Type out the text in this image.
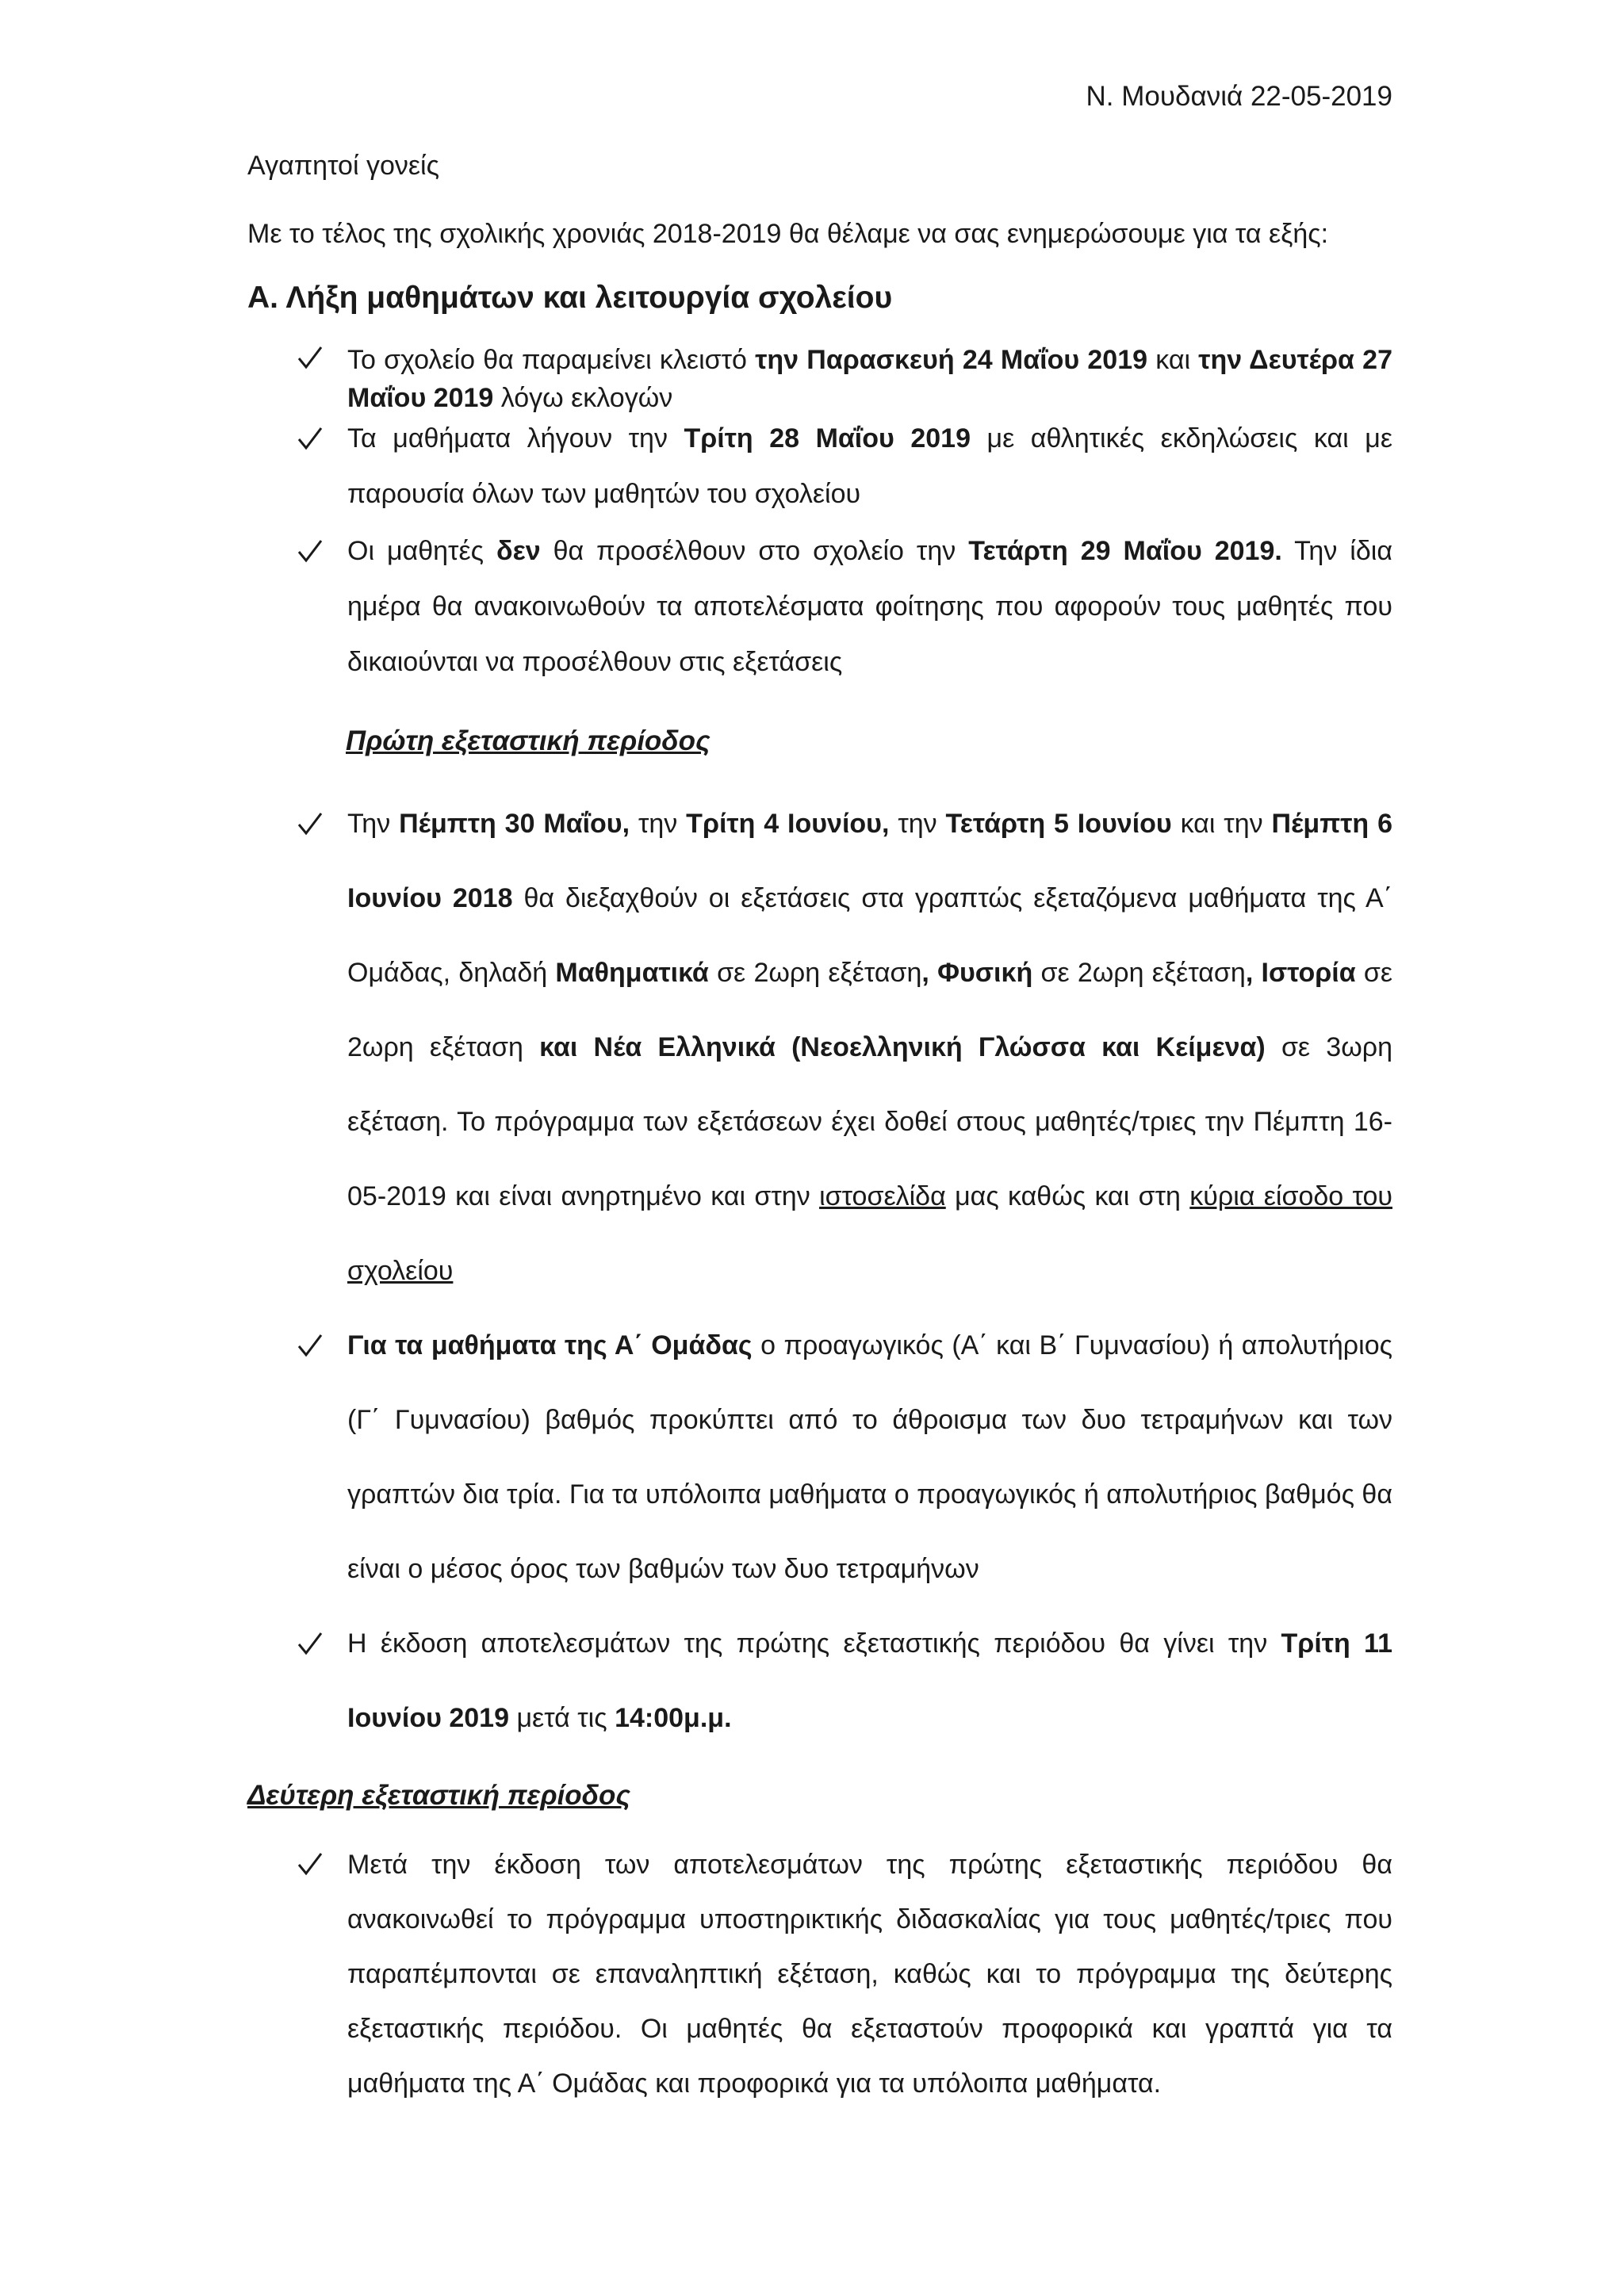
Ν. Μουδανιά 22-05-2019
Αγαπητοί γονείς
Με το τέλος της σχολικής χρονιάς 2018-2019 θα θέλαμε να σας ενημερώσουμε για τα εξής:
Α. Λήξη μαθημάτων και λειτουργία σχολείου
Το σχολείο θα παραμείνει κλειστό την Παρασκευή 24 Μαΐου 2019 και την Δευτέρα 27 Μαΐου 2019 λόγω εκλογών
Τα μαθήματα λήγουν την Τρίτη 28 Μαΐου 2019 με αθλητικές εκδηλώσεις και με παρουσία όλων των μαθητών του σχολείου
Οι μαθητές δεν θα προσέλθουν στο σχολείο την Τετάρτη 29 Μαΐου 2019. Την ίδια ημέρα θα ανακοινωθούν τα αποτελέσματα φοίτησης που αφορούν τους μαθητές που δικαιούνται να προσέλθουν στις εξετάσεις
Πρώτη εξεταστική περίοδος
Την Πέμπτη 30 Μαΐου, την Τρίτη 4 Ιουνίου, την Τετάρτη 5 Ιουνίου και την Πέμπτη 6 Ιουνίου 2018 θα διεξαχθούν οι εξετάσεις στα γραπτώς εξεταζόμενα μαθήματα της Α΄ Ομάδας, δηλαδή Μαθηματικά σε 2ωρη εξέταση, Φυσική σε 2ωρη εξέταση, Ιστορία σε 2ωρη εξέταση και Νέα Ελληνικά (Νεοελληνική Γλώσσα και Κείμενα) σε 3ωρη εξέταση. Το πρόγραμμα των εξετάσεων έχει δοθεί στους μαθητές/τριες την Πέμπτη 16-05-2019 και είναι ανηρτημένο και στην ιστοσελίδα μας καθώς και στη κύρια είσοδο του σχολείου
Για τα μαθήματα της Α΄ Ομάδας ο προαγωγικός (Α΄ και Β΄ Γυμνασίου) ή απολυτήριος (Γ΄ Γυμνασίου) βαθμός προκύπτει από το άθροισμα των δυο τετραμήνων και των γραπτών δια τρία. Για τα υπόλοιπα μαθήματα ο προαγωγικός ή απολυτήριος βαθμός θα είναι ο μέσος όρος των βαθμών των δυο τετραμήνων
Η έκδοση αποτελεσμάτων της πρώτης εξεταστικής περιόδου θα γίνει την Τρίτη 11 Ιουνίου 2019 μετά τις 14:00μ.μ.
Δεύτερη εξεταστική περίοδος
Μετά την έκδοση των αποτελεσμάτων της πρώτης εξεταστικής περιόδου θα ανακοινωθεί το πρόγραμμα υποστηρικτικής διδασκαλίας για τους μαθητές/τριες που παραπέμπονται σε επαναληπτική εξέταση, καθώς και το πρόγραμμα της δεύτερης εξεταστικής περιόδου. Οι μαθητές θα εξεταστούν προφορικά και γραπτά για τα μαθήματα της Α΄ Ομάδας και προφορικά για τα υπόλοιπα μαθήματα.
